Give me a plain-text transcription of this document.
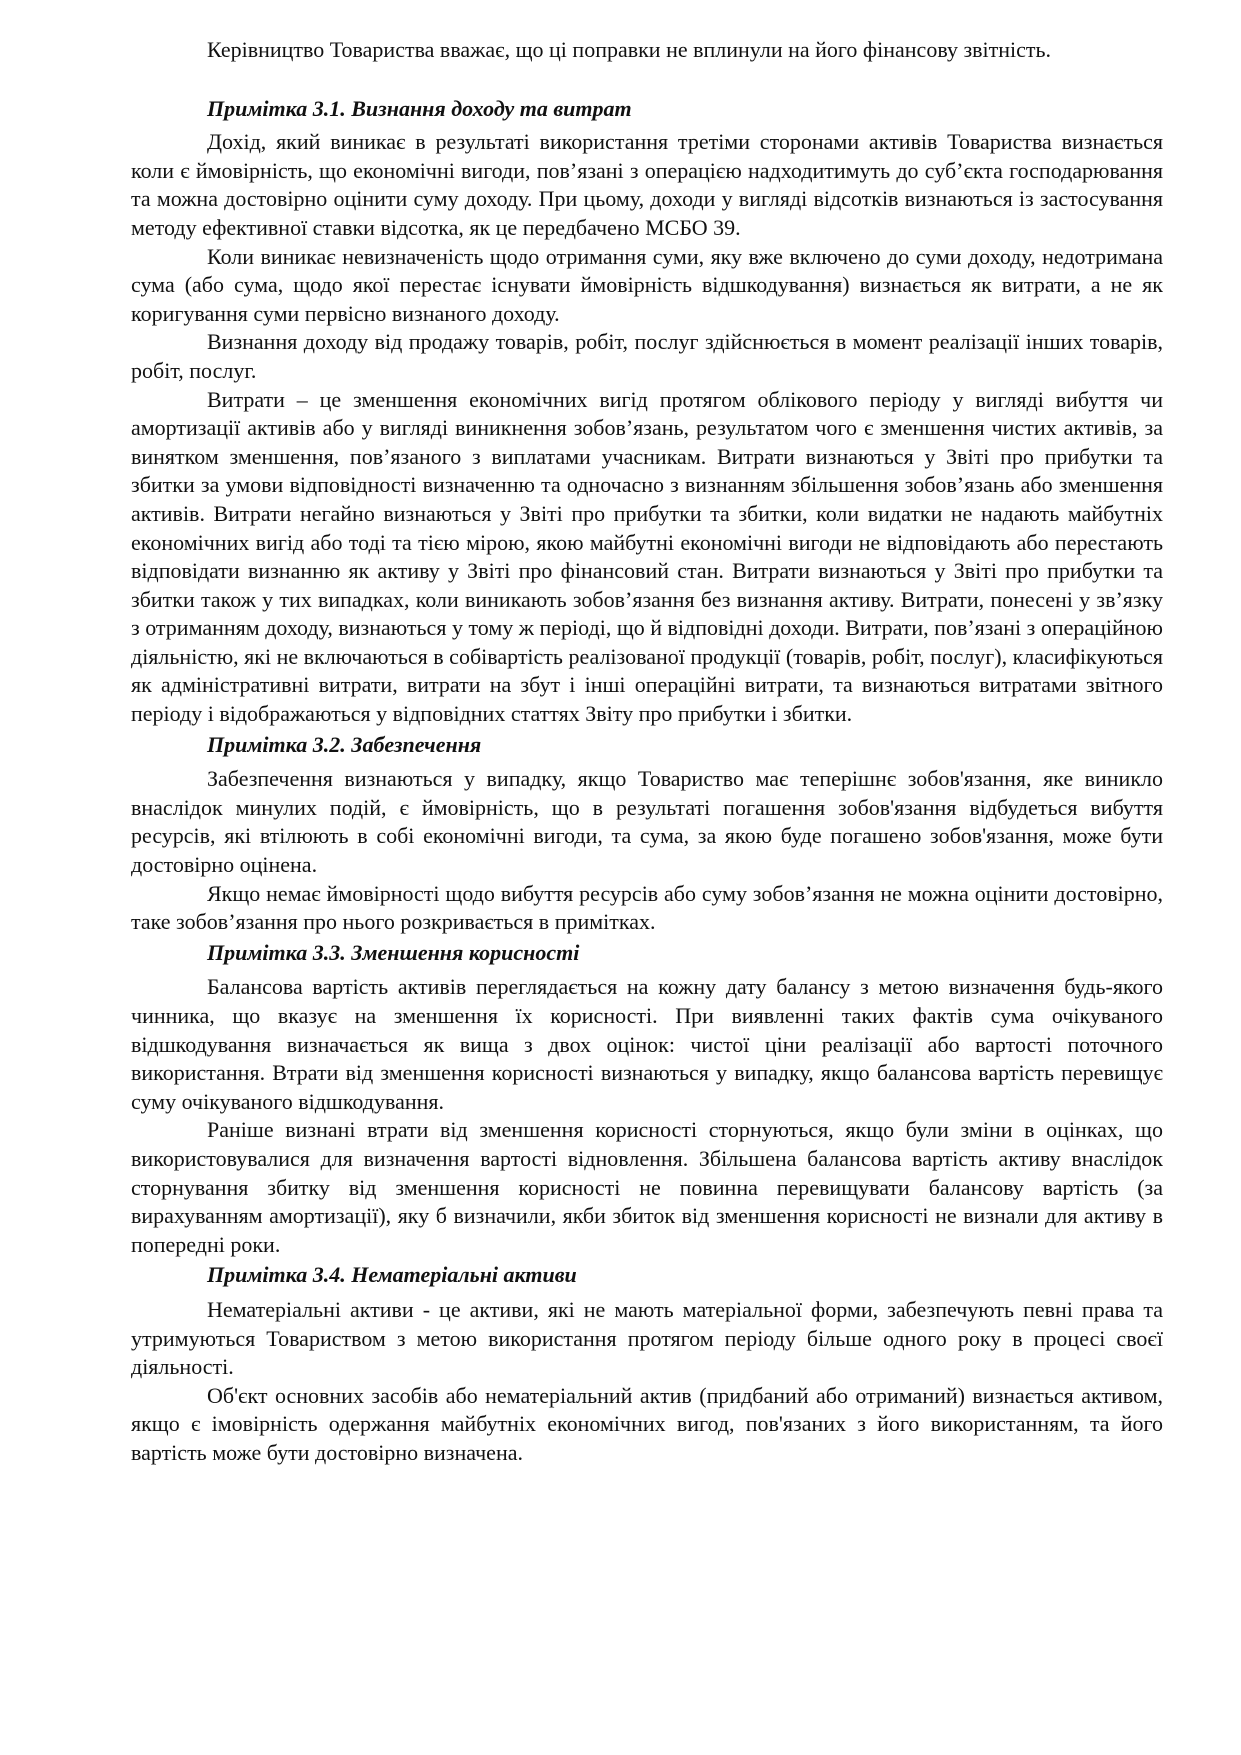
Керівництво Товариства вважає, що ці поправки не вплинули на його фінансову звітність.

Примітка 3.1. Визнання доходу та витрат

Дохід, який виникає в результаті використання третіми сторонами активів Товариства визнається коли є ймовірність, що економічні вигоди, пов’язані з операцією надходитимуть до суб’єкта господарювання та можна достовірно оцінити суму доходу. При цьому, доходи у вигляді відсотків визнаються із застосування методу ефективної ставки відсотка, як це передбачено МСБО 39.

Коли виникає невизначеність щодо отримання суми, яку вже включено до суми доходу, недотримана сума (або сума, щодо якої перестає існувати ймовірність відшкодування) визнається як витрати, а не як коригування суми первісно визнаного доходу.

Визнання доходу від продажу товарів, робіт, послуг здійснюється в момент реалізації інших товарів, робіт, послуг.

Витрати – це зменшення економічних вигід протягом облікового періоду у вигляді вибуття чи амортизації активів або у вигляді виникнення зобов’язань, результатом чого є зменшення чистих активів, за винятком зменшення, пов’язаного з виплатами учасникам. Витрати визнаються у Звіті про прибутки та збитки за умови відповідності визначенню та одночасно з визнанням збільшення зобов’язань або зменшення активів. Витрати негайно визнаються у Звіті про прибутки та збитки, коли видатки не надають майбутніх економічних вигід або тоді та тією мірою, якою майбутні економічні вигоди не відповідають або перестають відповідати визнанню як активу у Звіті про фінансовий стан. Витрати визнаються у Звіті про прибутки та збитки також у тих випадках, коли виникають зобов’язання без визнання активу. Витрати, понесені у зв’язку з отриманням доходу, визнаються у тому ж періоді, що й відповідні доходи. Витрати, пов’язані з операційною діяльністю, які не включаються в собівартість реалізованої продукції (товарів, робіт, послуг), класифікуються як адміністративні витрати, витрати на збут і інші операційні витрати, та визнаються витратами звітного періоду і відображаються у відповідних статтях Звіту про прибутки і збитки.

Примітка 3.2. Забезпечення

Забезпечення визнаються у випадку, якщо Товариство має теперішнє зобов'язання, яке виникло внаслідок минулих подій, є ймовірність, що в результаті погашення зобов'язання відбудеться вибуття ресурсів, які втілюють в собі економічні вигоди, та сума, за якою буде погашено зобов'язання, може бути достовірно оцінена.

Якщо немає ймовірності щодо вибуття ресурсів або суму зобов’язання не можна оцінити достовірно, таке зобов’язання про нього розкривається в примітках.

Примітка 3.3. Зменшення корисності

Балансова вартість активів переглядається на кожну дату балансу з метою визначення будь-якого чинника, що вказує на зменшення їх корисності. При виявленні таких фактів сума очікуваного відшкодування визначається як вища з двох оцінок: чистої ціни реалізації або вартості поточного використання. Втрати від зменшення корисності визнаються у випадку, якщо балансова вартість перевищує суму очікуваного відшкодування.

Раніше визнані втрати від зменшення корисності сторнуються, якщо були зміни в оцінках, що використовувалися для визначення вартості відновлення. Збільшена балансова вартість активу внаслідок сторнування збитку від зменшення корисності не повинна перевищувати балансову вартість (за вирахуванням амортизації), яку б визначили, якби збиток від зменшення корисності не визнали для активу в попередні роки.

Примітка 3.4. Нематеріальні активи

Нематеріальні активи - це активи, які не мають матеріальної форми, забезпечують певні права та утримуються Товариством з метою використання протягом періоду більше одного року в процесі своєї діяльності.

Об'єкт основних засобів або нематеріальний актив (придбаний або отриманий) визнається активом, якщо є імовірність одержання майбутніх економічних вигод, пов'язаних з його використанням, та його вартість може бути достовірно визначена.
